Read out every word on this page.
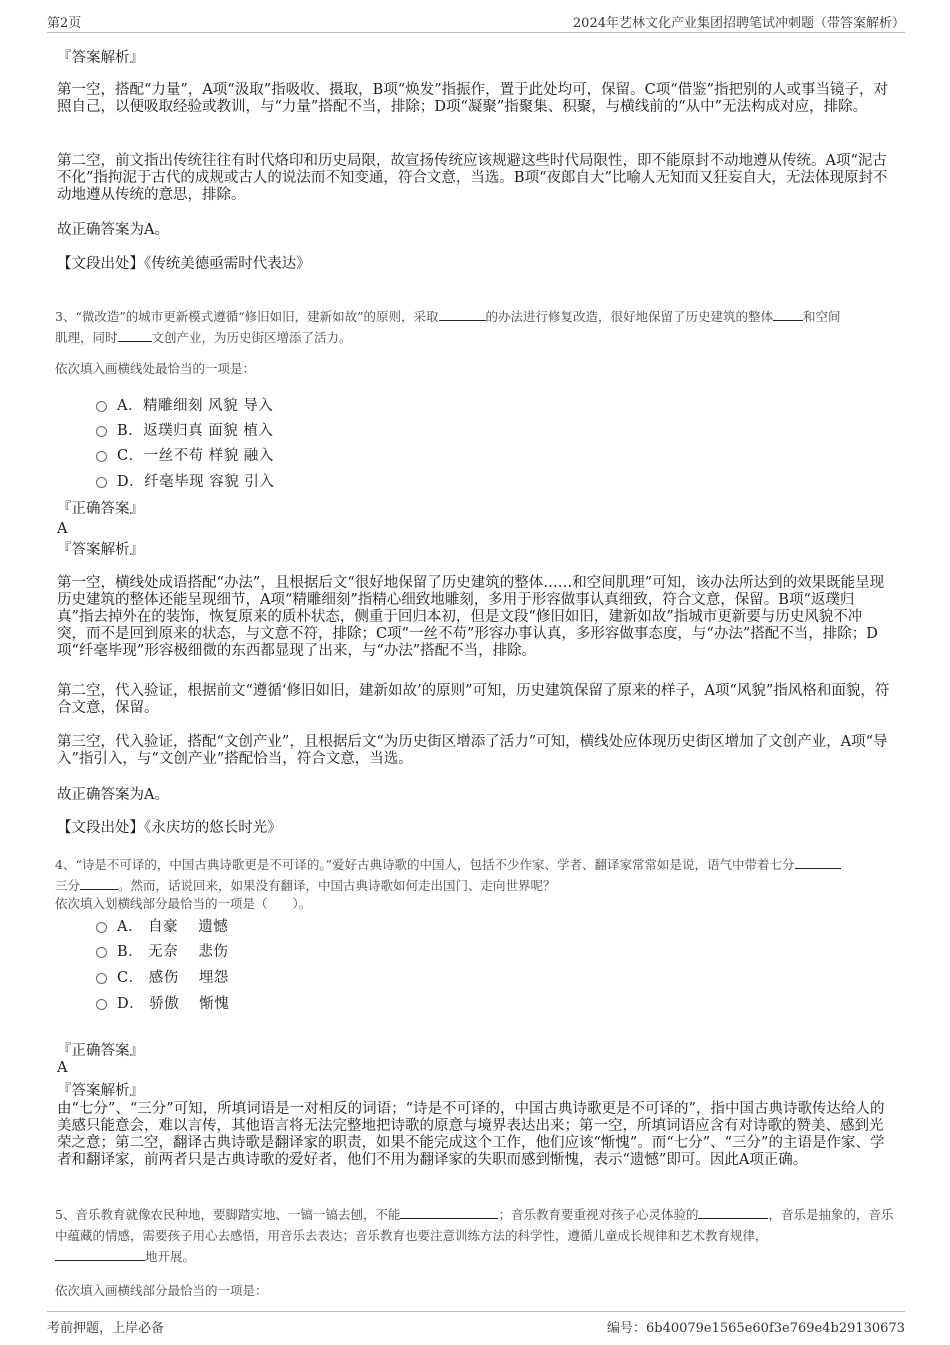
第2页	2024年艺林文化产业集团招聘笔试冲刺题（带答案解析）

『答案解析』

第一空，搭配“力量”，A项“汲取”指吸收、摄取，B项“焕发”指振作，置于此处均可，保留。C项“借鉴”指把别的人或事当镜子，对照自己，以便吸取经验或教训，与“力量”搭配不当，排除；D项“凝聚”指聚集、积聚，与横线前的“从中”无法构成对应，排除。

第二空，前文指出传统往往有时代烙印和历史局限，故宣扬传统应该规避这些时代局限性，即不能原封不动地遵从传统。A项“泥古不化”指拘泥于古代的成规或古人的说法而不知变通，符合文意，当选。B项“夜郎自大”比喻人无知而又狂妄自大，无法体现原封不动地遵从传统的意思，排除。

故正确答案为A。

【文段出处】《传统美德亟需时代表达》

3、“微改造”的城市更新模式遵循“修旧如旧，建新如故”的原则，采取	的办法进行修复改造，很好地保留了历史建筑的整体 和空间
肌理，同时	文创产业，为历史街区增添了活力。

依次填入画横线处最恰当的一项是：

A．精雕细刻 风貌 导入
B．返璞归真 面貌 植入
C．一丝不苟 样貌 融入
D．纤毫毕现 容貌 引入

『正确答案』

A

『答案解析』

第一空，横线处成语搭配“办法”，且根据后文“很好地保留了历史建筑的整体……和空间肌理”可知，该办法所达到的效果既能呈现历史建筑的整体还能呈现细节，A项“精雕细刻”指精心细致地雕刻，多用于形容做事认真细致，符合文意，保留。B项“返璞归真”指去掉外在的装饰，恢复原来的质朴状态，侧重于回归本初，但是文段“修旧如旧，建新如故”指城市更新要与历史风貌不冲突，而不是回到原来的状态，与文意不符，排除；C项“一丝不苟”形容办事认真，多形容做事态度，与“办法”搭配不当，排除；D项“纤毫毕现”形容极细微的东西都显现了出来，与“办法”搭配不当，排除。

第二空，代入验证，根据前文“遵循‘修旧如旧，建新如故’的原则”可知，历史建筑保留了原来的样子，A项“风貌”指风格和面貌，符合文意，保留。

第三空，代入验证，搭配“文创产业”，且根据后文“为历史街区增添了活力”可知，横线处应体现历史街区增加了文创产业，A项“导入”指引入，与“文创产业”搭配恰当，符合文意，当选。

故正确答案为A。

【文段出处】《永庆坊的悠长时光》

4、“诗是不可译的，中国古典诗歌更是不可译的。”爱好古典诗歌的中国人，包括不少作家、学者、翻译家常常如是说，语气中带着七分
三分	。然而，话说回来，如果没有翻译，中国古典诗歌如何走出国门、走向世界呢？

依次填入划横线部分最恰当的一项是（　　）。

A． 自豪　 遗憾
B． 无奈　 悲伤
C． 感伤　 埋怨
D． 骄傲　 惭愧

『正确答案』

A

『答案解析』

由“七分”、“三分”可知，所填词语是一对相反的词语；“诗是不可译的，中国古典诗歌更是不可译的”，指中国古典诗歌传达给人的美感只能意会，难以言传，其他语言将无法完整地把诗歌的原意与境界表达出来；第一空，所填词语应含有对诗歌的赞美、感到光荣之意；第二空，翻译古典诗歌是翻译家的职责，如果不能完成这个工作，他们应该“惭愧”。而“七分”、“三分”的主语是作家、学者和翻译家，前两者只是古典诗歌的爱好者，他们不用为翻译家的失职而感到惭愧，表示“遗憾”即可。因此A项正确。

5、音乐教育就像农民种地，要脚踏实地、一镐一镐去刨，不能	；音乐教育要重视对孩子心灵体验的	，音乐是抽象的，音乐中蕴藏的情感，需要孩子用心去感悟，用音乐去表达；音乐教育也要注意训练方法的科学性，遵循儿童成长规律和艺术教育规律，
地开展。

依次填入画横线部分最恰当的一项是：

考前押题，上岸必备	编号：6b40079e1565e60f3e769e4b29130673
